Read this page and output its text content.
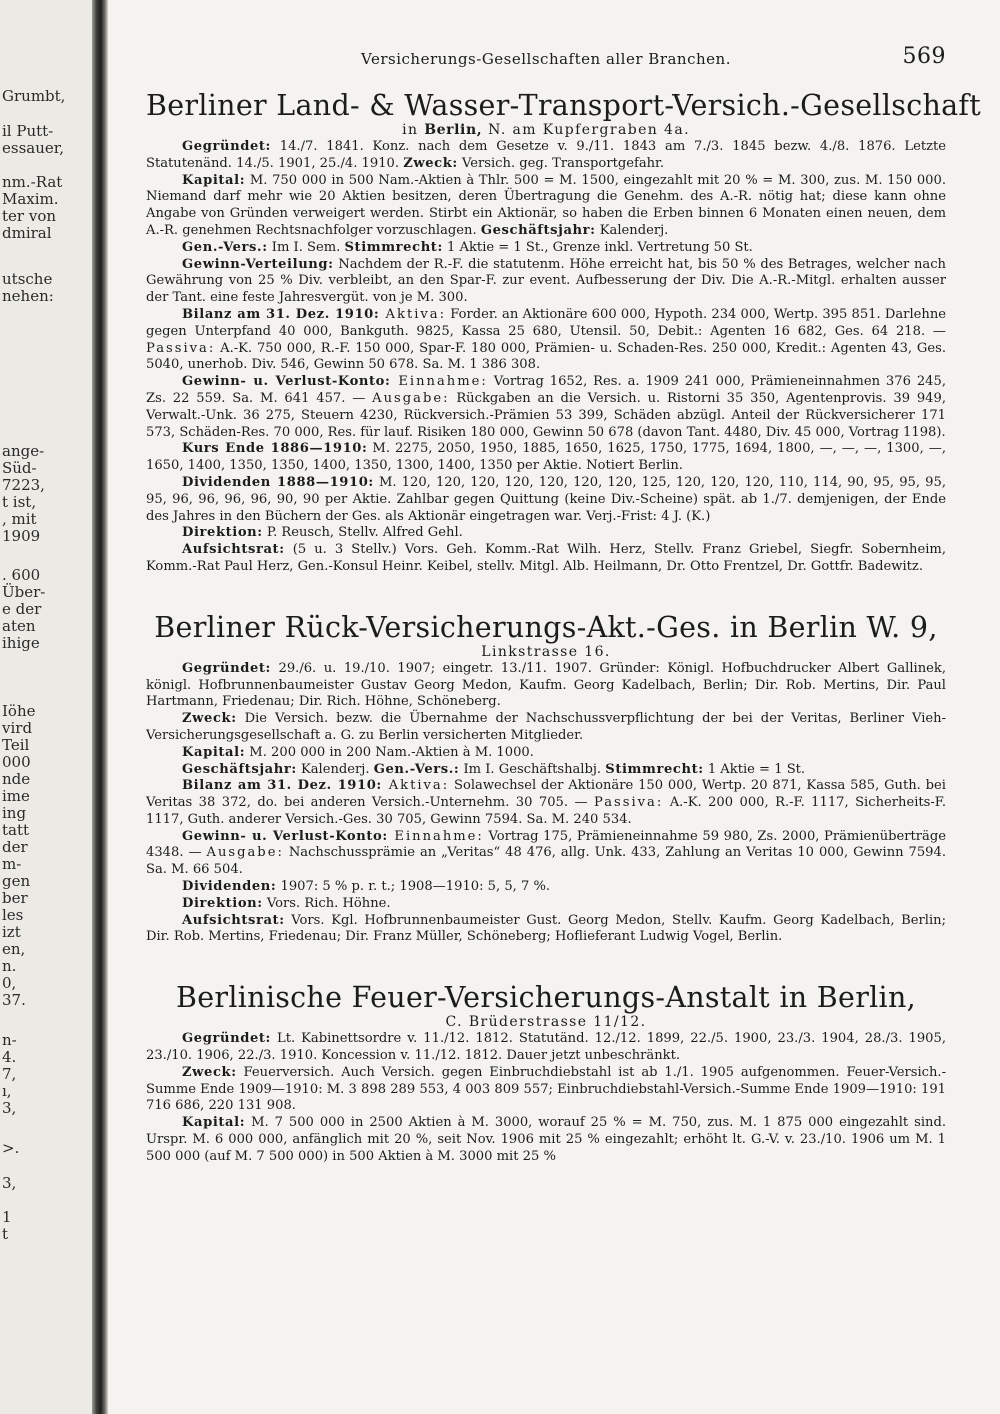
Grumbt,
il Putt-
essauer,
nm.-Rat
Maxim.
ter von
dmiral
utsche
nehen:
ange-
Süd-
7223,
t ist,
, mit
1909
. 600
Über-
e der
aten
ihige
Iöhe
vird
Teil
000
nde
ime
ing
tatt
der
m-
gen
ber
les
izt
en,
n.
0,
37.
n-
4.
7,
ı,
3,
>.
3,
1
t
Versicherungs-Gesellschaften aller Branchen.	569
Berliner Land- & Wasser-Transport-Versich.-Gesellschaft
in Berlin, N. am Kupfergraben 4a.

Gegründet: 14./7. 1841. Konz. nach dem Gesetze v. 9./11. 1843 am 7./3. 1845 bezw. 4./8. 1876. Letzte Statutenänd. 14./5. 1901, 25./4. 1910. Zweck: Versich. geg. Transportgefahr.

Kapital: M. 750 000 in 500 Nam.-Aktien à Thlr. 500 = M. 1500, eingezahlt mit 20 % = M. 300, zus. M. 150 000. Niemand darf mehr wie 20 Aktien besitzen, deren Übertragung die Genehm. des A.-R. nötig hat; diese kann ohne Angabe von Gründen verweigert werden. Stirbt ein Aktionär, so haben die Erben binnen 6 Monaten einen neuen, dem A.-R. genehmen Rechtsnachfolger vorzuschlagen. Geschäftsjahr: Kalenderj.

Gen.-Vers.: Im I. Sem. Stimmrecht: 1 Aktie = 1 St., Grenze inkl. Vertretung 50 St.

Gewinn-Verteilung: Nachdem der R.-F. die statutenm. Höhe erreicht hat, bis 50 % des Betrages, welcher nach Gewährung von 25 % Div. verbleibt, an den Spar-F. zur event. Aufbesserung der Div. Die A.-R.-Mitgl. erhalten ausser der Tant. eine feste Jahresvergüt. von je M. 300.

Bilanz am 31. Dez. 1910: Aktiva: Forder. an Aktionäre 600 000, Hypoth. 234 000, Wertp. 395 851. Darlehne gegen Unterpfand 40 000, Bankguth. 9825, Kassa 25 680, Utensil. 50, Debit.: Agenten 16 682, Ges. 64 218. — Passiva: A.-K. 750 000, R.-F. 150 000, Spar-F. 180 000, Prämien- u. Schaden-Res. 250 000, Kredit.: Agenten 43, Ges. 5040, unerhob. Div. 546, Gewinn 50 678. Sa. M. 1 386 308.

Gewinn- u. Verlust-Konto: Einnahme: Vortrag 1652, Res. a. 1909 241 000, Prämieneinnahmen 376 245, Zs. 22 559. Sa. M. 641 457. — Ausgabe: Rückgaben an die Versich. u. Ristorni 35 350, Agentenprovis. 39 949, Verwalt.-Unk. 36 275, Steuern 4230, Rückversich.-Prämien 53 399, Schäden abzügl. Anteil der Rückversicherer 171 573, Schäden-Res. 70 000, Res. für lauf. Risiken 180 000, Gewinn 50 678 (davon Tant. 4480, Div. 45 000, Vortrag 1198).

Kurs Ende 1886—1910: M. 2275, 2050, 1950, 1885, 1650, 1625, 1750, 1775, 1694, 1800, —, —, —, 1300, —, 1650, 1400, 1350, 1350, 1400, 1350, 1300, 1400, 1350 per Aktie. Notiert Berlin.

Dividenden 1888—1910: M. 120, 120, 120, 120, 120, 120, 120, 125, 120, 120, 120, 110, 114, 90, 95, 95, 95, 95, 96, 96, 96, 96, 90, 90 per Aktie. Zahlbar gegen Quittung (keine Div.-Scheine) spät. ab 1./7. demjenigen, der Ende des Jahres in den Büchern der Ges. als Aktionär eingetragen war. Verj.-Frist: 4 J. (K.)

Direktion: P. Reusch, Stellv. Alfred Gehl.

Aufsichtsrat: (5 u. 3 Stellv.) Vors. Geh. Komm.-Rat Wilh. Herz, Stellv. Franz Griebel, Siegfr. Sobernheim, Komm.-Rat Paul Herz, Gen.-Konsul Heinr. Keibel, stellv. Mitgl. Alb. Heilmann, Dr. Otto Frentzel, Dr. Gottfr. Badewitz.

Berliner Rück-Versicherungs-Akt.-Ges. in Berlin W. 9,
Linkstrasse 16.

Gegründet: 29./6. u. 19./10. 1907; eingetr. 13./11. 1907. Gründer: Königl. Hofbuchdrucker Albert Gallinek, königl. Hofbrunnenbaumeister Gustav Georg Medon, Kaufm. Georg Kadelbach, Berlin; Dir. Rob. Mertins, Dir. Paul Hartmann, Friedenau; Dir. Rich. Höhne, Schöneberg.

Zweck: Die Versich. bezw. die Übernahme der Nachschussverpflichtung der bei der Veritas, Berliner Vieh-Versicherungsgesellschaft a. G. zu Berlin versicherten Mitglieder.

Kapital: M. 200 000 in 200 Nam.-Aktien à M. 1000.

Geschäftsjahr: Kalenderj. Gen.-Vers.: Im I. Geschäftshalbj. Stimmrecht: 1 Aktie = 1 St.

Bilanz am 31. Dez. 1910: Aktiva: Solawechsel der Aktionäre 150 000, Wertp. 20 871, Kassa 585, Guth. bei Veritas 38 372, do. bei anderen Versich.-Unternehm. 30 705. — Passiva: A.-K. 200 000, R.-F. 1117, Sicherheits-F. 1117, Guth. anderer Versich.-Ges. 30 705, Gewinn 7594. Sa. M. 240 534.

Gewinn- u. Verlust-Konto: Einnahme: Vortrag 175, Prämieneinnahme 59 980, Zs. 2000, Prämienüberträge 4348. — Ausgabe: Nachschussprämie an „Veritas“ 48 476, allg. Unk. 433, Zahlung an Veritas 10 000, Gewinn 7594. Sa. M. 66 504.

Dividenden: 1907: 5 % p. r. t.; 1908—1910: 5, 5, 7 %.

Direktion: Vors. Rich. Höhne.

Aufsichtsrat: Vors. Kgl. Hofbrunnenbaumeister Gust. Georg Medon, Stellv. Kaufm. Georg Kadelbach, Berlin; Dir. Rob. Mertins, Friedenau; Dir. Franz Müller, Schöneberg; Hoflieferant Ludwig Vogel, Berlin.

Berlinische Feuer-Versicherungs-Anstalt in Berlin,
C. Brüderstrasse 11/12.

Gegründet: Lt. Kabinettsordre v. 11./12. 1812. Statutänd. 12./12. 1899, 22./5. 1900, 23./3. 1904, 28./3. 1905, 23./10. 1906, 22./3. 1910. Koncession v. 11./12. 1812. Dauer jetzt unbeschränkt.

Zweck: Feuerversich. Auch Versich. gegen Einbruchdiebstahl ist ab 1./1. 1905 aufgenommen. Feuer-Versich.-Summe Ende 1909—1910: M. 3 898 289 553, 4 003 809 557; Einbruchdiebstahl-Versich.-Summe Ende 1909—1910: 191 716 686, 220 131 908.

Kapital: M. 7 500 000 in 2500 Aktien à M. 3000, worauf 25 % = M. 750, zus. M. 1 875 000 eingezahlt sind. Urspr. M. 6 000 000, anfänglich mit 20 %, seit Nov. 1906 mit 25 % eingezahlt; erhöht lt. G.-V. v. 23./10. 1906 um M. 1 500 000 (auf M. 7 500 000) in 500 Aktien à M. 3000 mit 25 %
